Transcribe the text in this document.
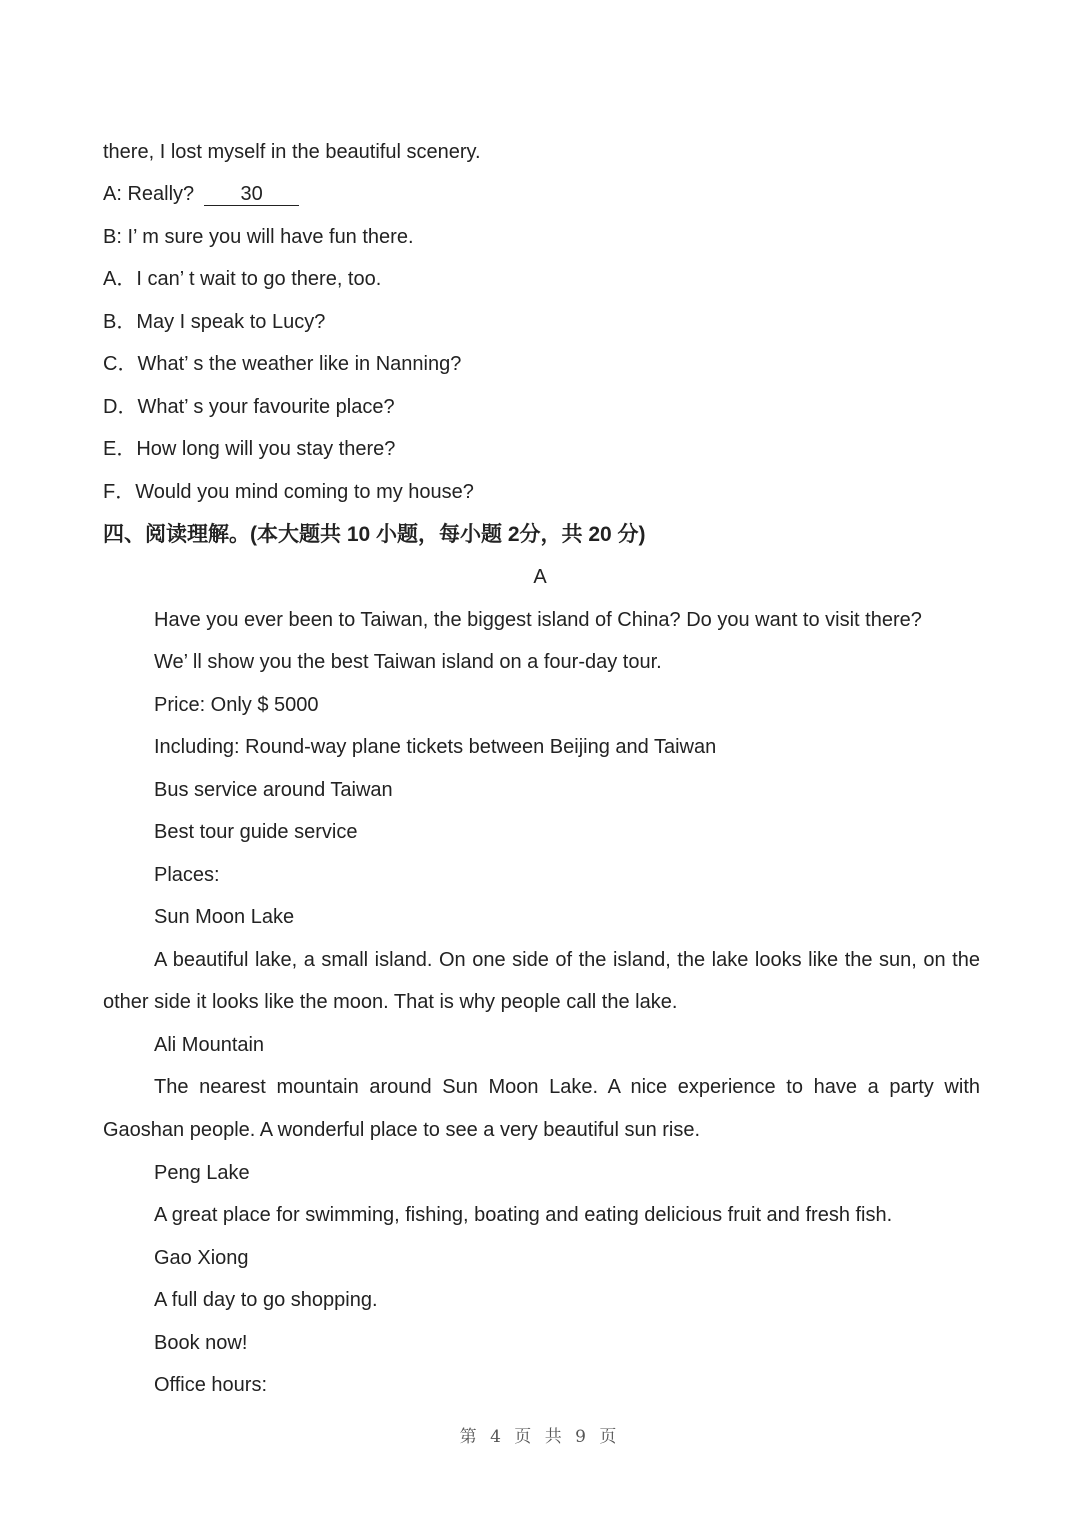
there, I lost myself in the beautiful scenery.
A: Really? 30
B: I’ m sure you will have fun there.
A．I can’ t wait to go there, too.
B．May I speak to Lucy?
C．What’ s the weather like in Nanning?
D．What’ s your favourite place?
E．How long will you stay there?
F．Would you mind coming to my house?
四、阅读理解。(本大题共 10 小题，每小题 2分，共 20 分)
A
Have you ever been to Taiwan, the biggest island of China? Do you want to visit there?
We’ ll show you the best Taiwan island on a four-day tour.
Price: Only $ 5000
Including: Round-way plane tickets between Beijing and Taiwan
Bus service around Taiwan
Best tour guide service
Places:
Sun Moon Lake
A beautiful lake, a small island. On one side of the island, the lake looks like the sun, on the
other side it looks like the moon. That is why people call the lake.
Ali Mountain
The nearest mountain around Sun Moon Lake. A nice experience to have a party with
Gaoshan people. A wonderful place to see a very beautiful sun rise.
Peng Lake
A great place for swimming, fishing, boating and eating delicious fruit and fresh fish.
Gao Xiong
A full day to go shopping.
Book now!
Office hours:
第 4 页 共 9 页
